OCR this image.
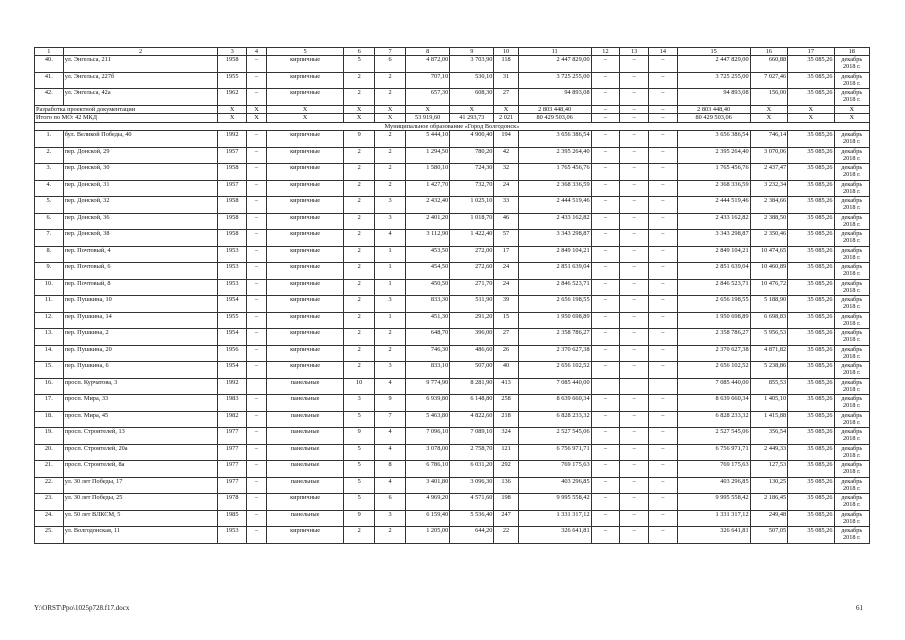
1	2	3	4	5	6	7	8	9	10	11	12	13	14	15	16	17	18
40.	ул. Энгельса, 211	1958	–	кирпичные	5	6	4 872,00	3 703,90	118	2 447 829,00	–	–	–	2 447 829,00	660,88	35 085,26	декабрь 2018 г.
41.	ул. Энгельса, 227б	1955	–	кирпичные	2	2	707,10	530,10	31	3 725 255,00	–	–	–	3 725 255,00	7 027,46	35 085,26	декабрь 2018 г.
42.	ул. Энгельса, 42а	1962	–	кирпичные	2	2	657,30	608,30	27	94 893,08	–	–	–	94 893,08	156,00	35 085,26	декабрь 2018 г.
Разработка проектной документации		X	X	X	X	X	X	X	X	2 803 448,40	–	–	–	2 803 448,40	X	X	X
Итого по МО: 42 МКД		X	X	X	X	X	53 919,60	41 293,73	2 021	80 429 503,06	–	–	–	80 429 503,06	X	X	X
Муниципальное образование «Город Волгодонск»																	
1.	бул. Великой Победы, 40	1992	–	кирпичные	9	2	5 444,10	4 900,40	194	3 656 386,54	–	–	–	3 656 386,54	746,14	35 085,26	декабрь 2018 г.
2.	пер. Донской, 29	1957	–	кирпичные	2	2	1 294,50	780,20	42	2 395 264,40	–	–	–	2 395 264,40	3 070,06	35 085,26	декабрь 2018 г.
3.	пер. Донской, 30	1958	–	кирпичные	2	2	1 580,10	724,30	32	1 765 456,76	–	–	–	1 765 456,76	2 437,47	35 085,26	декабрь 2018 г.
4.	пер. Донской, 31	1957	–	кирпичные	2	2	1 427,70	732,70	24	2 368 336,59	–	–	–	2 368 336,59	3 232,34	35 085,26	декабрь 2018 г.
5.	пер. Донской, 32	1958	–	кирпичные	2	3	2 432,40	1 025,10	33	2 444 519,46	–	–	–	2 444 519,46	2 384,66	35 085,26	декабрь 2018 г.
6.	пер. Донской, 36	1958	–	кирпичные	2	3	2 401,20	1 018,70	46	2 433 162,82	–	–	–	2 433 162,82	2 388,50	35 085,26	декабрь 2018 г.
7.	пер. Донской, 38	1958	–	кирпичные	2	4	3 112,90	1 422,40	57	3 343 298,87	–	–	–	3 343 298,87	2 350,46	35 085,26	декабрь 2018 г.
8.	пер. Почтовый, 4	1953	–	кирпичные	2	1	453,50	272,00	17	2 849 104,21	–	–	–	2 849 104,21	10 474,65	35 085,26	декабрь 2018 г.
9.	пер. Почтовый, 6	1953	–	кирпичные	2	1	454,50	272,60	24	2 851 639,04	–	–	–	2 851 639,04	10 460,89	35 085,26	декабрь 2018 г.
10.	пер. Почтовый, 8	1953	–	кирпичные	2	1	450,50	271,70	24	2 846 523,71	–	–	–	2 846 523,71	10 476,72	35 085,26	декабрь 2018 г.
11.	пер. Пушкина, 10	1954	–	кирпичные	2	3	833,30	511,90	39	2 656 198,55	–	–	–	2 656 198,55	5 188,90	35 085,26	декабрь 2018 г.
12.	пер. Пушкина, 14	1955	–	кирпичные	2	1	451,30	291,20	15	1 950 698,89	–	–	–	1 950 698,89	6 698,83	35 085,26	декабрь 2018 г.
13.	пер. Пушкина, 2	1954	–	кирпичные	2	2	648,70	396,00	27	2 358 786,27	–	–	–	2 358 786,27	5 956,53	35 085,26	декабрь 2018 г.
14.	пер. Пушкина, 20	1956	–	кирпичные	2	2	746,30	486,60	26	2 370 627,38	–	–	–	2 370 627,38	4 871,82	35 085,26	декабрь 2018 г.
15.	пер. Пушкина, 6	1954	–	кирпичные	2	3	833,10	507,00	40	2 656 102,52	–	–	–	2 656 102,52	5 238,86	35 085,26	декабрь 2018 г.
16.	просп. Курчатова, 3	1992		панельные	10	4	9 774,90	8 281,90	413	7 085 440,00				7 085 440,00	855,53	35 085,26	декабрь 2018 г.
17.	просп. Мира, 33	1983	–	панельные	3	9	6 939,80	6 148,80	258	8 639 660,34	–	–	–	8 639 660,34	1 405,10	35 085,26	декабрь 2018 г.
18.	просп. Мира, 45	1982	–	панельные	5	7	5 463,80	4 822,60	218	6 828 233,32	–	–	–	6 828 233,32	1 415,88	35 085,26	декабрь 2018 г.
19.	просп. Строителей, 13	1977	–	панельные	9	4	7 096,10	7 089,10	324	2 527 545,06	–	–	–	2 527 545,06	356,54	35 085,26	декабрь 2018 г.
20.	просп. Строителей, 20а	1977	–	панельные	5	4	3 078,00	2 758,70	121	6 756 971,71	–	–	–	6 756 971,71	2 449,33	35 085,26	декабрь 2018 г.
21.	просп. Строителей, 8а	1977	–	панельные	5	8	6 786,10	6 031,20	292	769 175,63	–	–	–	769 175,63	127,53	35 085,26	декабрь 2018 г.
22.	ул. 30 лет Победы, 17	1977	–	панельные	5	4	3 401,80	3 096,30	136	403 296,85	–	–	–	403 296,85	130,25	35 085,26	декабрь 2018 г.
23.	ул. 30 лет Победы, 25	1978	–	кирпичные	5	6	4 969,20	4 571,60	198	9 995 558,42	–	–	–	9 995 558,42	2 186,45	35 085,26	декабрь 2018 г.
24.	ул. 50 лет ВЛКСМ, 5	1985	–	панельные	9	3	6 159,40	5 536,40	247	1 331 317,12	–	–	–	1 331 317,12	249,48	35 085,26	декабрь 2018 г.
25.	ул. Волгодонская, 11	1953	–	кирпичные	2	2	1 205,00	644,20	22	326 641,81	–	–	–	326 641,81	507,05	35 085,26	декабрь 2018 г.
Y:\ORST\Ppo\1025p728.f17.docx	61
